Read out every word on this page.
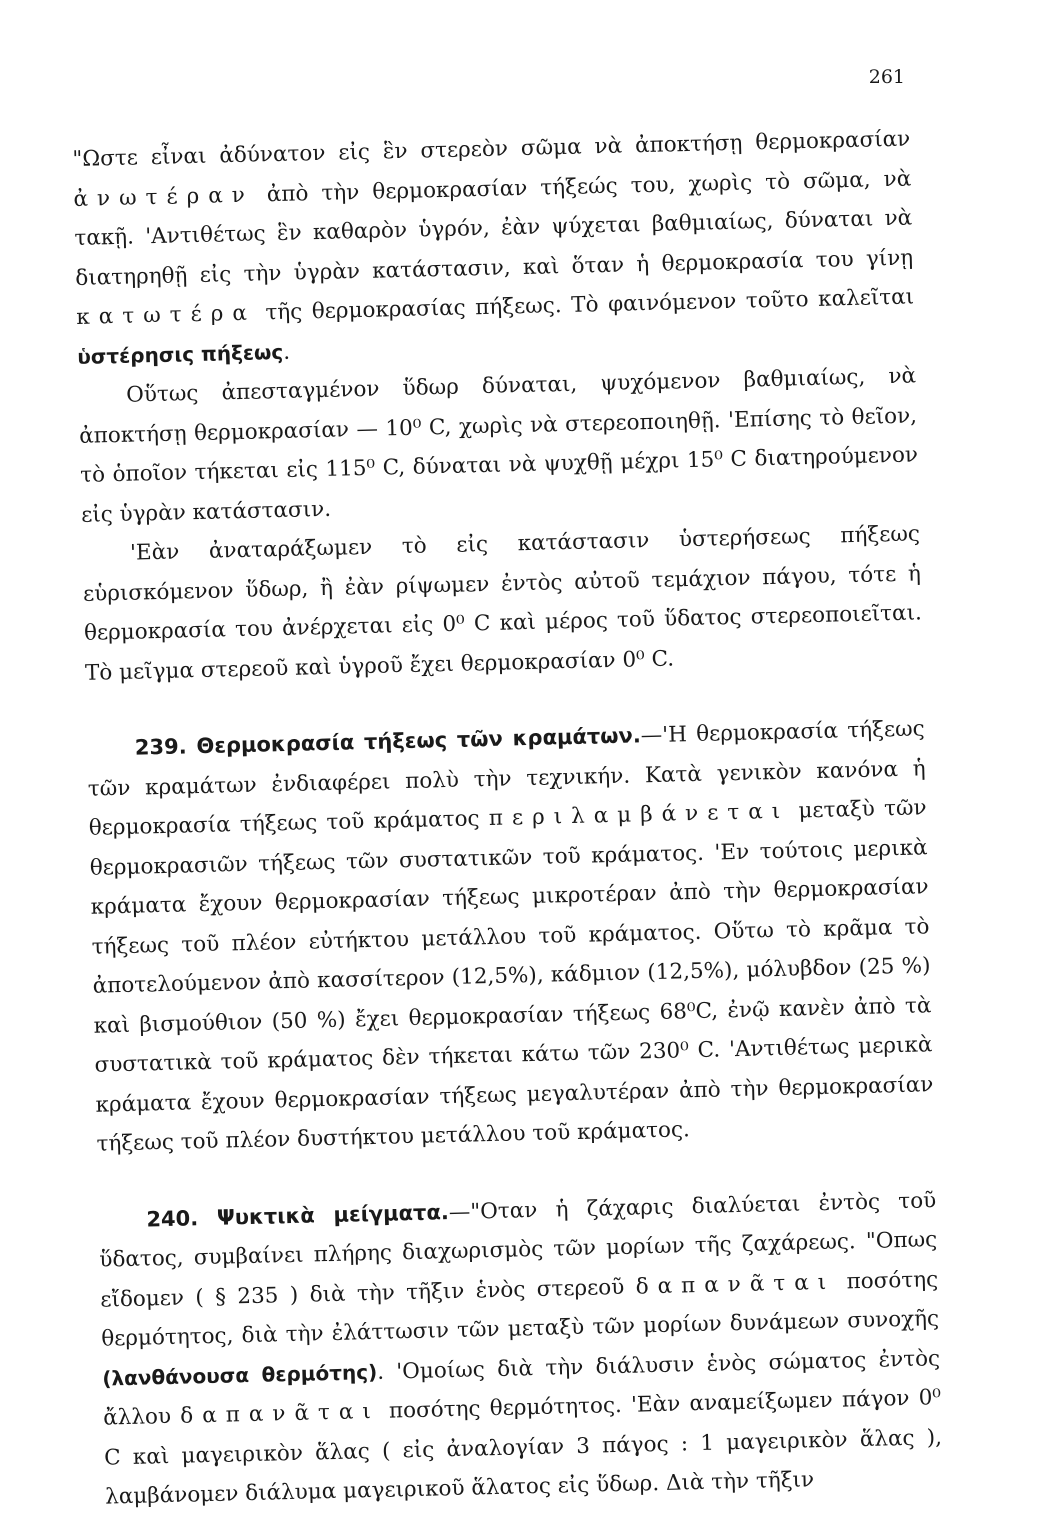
261

"Ωστε εἶναι ἀδύνατον εἰς ἓν στερεὸν σῶμα νὰ ἀποκτήσῃ θερμοκρασίαν ἀνωτέραν ἀπὸ τὴν θερμοκρασίαν τήξεώς του, χωρὶς τὸ σῶμα, νὰ τακῇ. 'Αντιθέτως ἓν καθαρὸν ὑγρόν, ἐὰν ψύχεται βαθμιαίως, δύναται νὰ διατηρηθῇ εἰς τὴν ὑγρὰν κατάστασιν, καὶ ὅταν ἡ θερμοκρασία του γίνῃ κατωτέρα τῆς θερμοκρασίας πήξεως. Τὸ φαινόμενον τοῦτο καλεῖται ὑστέρησις πήξεως.

Οὕτως ἀπεσταγμένον ὕδωρ δύναται, ψυχόμενον βαθμιαίως, νὰ ἀποκτήσῃ θερμοκρασίαν — 10⁰ C, χωρὶς νὰ στερεοποιηθῇ. 'Επίσης τὸ θεῖον, τὸ ὁποῖον τήκεται εἰς 115⁰ C, δύναται νὰ ψυχθῇ μέχρι 15⁰ C διατηρούμενον εἰς ὑγρὰν κατάστασιν.

'Εὰν ἀναταράξωμεν τὸ εἰς κατάστασιν ὑστερήσεως πήξεως εὑρισκόμενον ὕδωρ, ἢ ἐὰν ρίψωμεν ἐντὸς αὐτοῦ τεμάχιον πάγου, τότε ἡ θερμοκρασία του ἀνέρχεται εἰς 0⁰ C καὶ μέρος τοῦ ὕδατος στερεοποιεῖται. Τὸ μεῖγμα στερεοῦ καὶ ὑγροῦ ἔχει θερμοκρασίαν 0⁰ C.

239. Θερμοκρασία τήξεως τῶν κραμάτων.—'Η θερμοκρασία τήξεως τῶν κραμάτων ἐνδιαφέρει πολὺ τὴν τεχνικήν. Κατὰ γενικὸν κανόνα ἡ θερμοκρασία τήξεως τοῦ κράματος περιλαμβάνεται μεταξὺ τῶν θερμοκρασιῶν τήξεως τῶν συστατικῶν τοῦ κράματος. 'Εν τούτοις μερικὰ κράματα ἔχουν θερμοκρασίαν τήξεως μικροτέραν ἀπὸ τὴν θερμοκρασίαν τήξεως τοῦ πλέον εὐτήκτου μετάλλου τοῦ κράματος. Οὕτω τὸ κρᾶμα τὸ ἀποτελούμενον ἀπὸ κασσίτερον (12,5%), κάδμιον (12,5%), μόλυβδον (25 %) καὶ βισμούθιον (50 %) ἔχει θερμοκρασίαν τήξεως 68⁰C, ἐνῷ κανὲν ἀπὸ τὰ συστατικὰ τοῦ κράματος δὲν τήκεται κάτω τῶν 230⁰ C. 'Αντιθέτως μερικὰ κράματα ἔχουν θερμοκρασίαν τήξεως μεγαλυτέραν ἀπὸ τὴν θερμοκρασίαν τήξεως τοῦ πλέον δυστήκτου μετάλλου τοῦ κράματος.

240. Ψυκτικὰ μείγματα.—"Οταν ἡ ζάχαρις διαλύεται ἐντὸς τοῦ ὕδατος, συμβαίνει πλήρης διαχωρισμὸς τῶν μορίων τῆς ζαχάρεως. "Οπως εἴδομεν ( § 235 ) διὰ τὴν τῆξιν ἑνὸς στερεοῦ δαπανᾶται ποσότης θερμότητος, διὰ τὴν ἐλάττωσιν τῶν μεταξὺ τῶν μορίων δυνάμεων συνοχῆς (λανθάνουσα θερμότης). 'Ομοίως διὰ τὴν διάλυσιν ἑνὸς σώματος ἐντὸς ἄλλου δαπανᾶται ποσότης θερμότητος. 'Εὰν αναμείξωμεν πάγον 0⁰ C καὶ μαγειρικὸν ἅλας ( εἰς ἀναλογίαν 3 πάγος : 1 μαγειρικὸν ἅλας ), λαμβάνομεν διάλυμα μαγειρικοῦ ἅλατος εἰς ὕδωρ. Διὰ τὴν τῆξιν
